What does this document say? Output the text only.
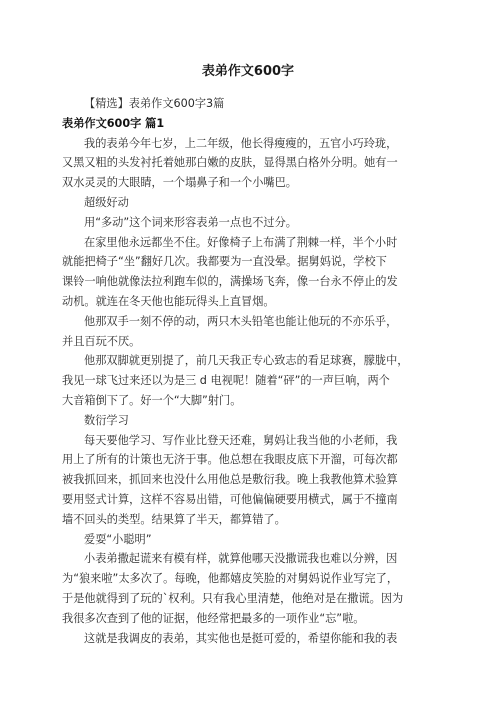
表弟作文600字
【精选】表弟作文600字3篇
表弟作文600字 篇1
我的表弟今年七岁，上二年级，他长得瘦瘦的，五官小巧玲珑，
又黑又粗的头发衬托着她那白嫩的皮肤，显得黑白格外分明。她有一
双水灵灵的大眼睛，一个塌鼻子和一个小嘴巴。
超级好动
用“多动”这个词来形容表弟一点也不过分。
在家里他永远都坐不住。好像椅子上布满了荆棘一样，半个小时
就能把椅子“坐”翻好几次。我都要为一直没晕。据舅妈说，学校下
课铃一响他就像法拉利跑车似的，满操场飞奔，像一台永不停止的发
动机。就连在冬天他也能玩得头上直冒烟。
他那双手一刻不停的动，两只木头铅笔也能让他玩的不亦乐乎，
并且百玩不厌。
他那双脚就更别提了，前几天我正专心致志的看足球赛，朦胧中，
我见一球飞过来还以为是三 d 电视呢！随着“砰”的一声巨响，两个
大音箱倒下了。好一个“大脚”射门。
数衍学习
每天要他学习、写作业比登天还难，舅妈让我当他的小老师，我
用上了所有的计策也无济于事。他总想在我眼皮底下开溜，可每次都
被我抓回来，抓回来也没什么用他总是敷衍我。晚上我教他算术验算
要用竖式计算，这样不容易出错，可他偏偏硬要用横式，属于不撞南
墙不回头的类型。结果算了半天，都算错了。
爱耍“小聪明”
小表弟撒起谎来有模有样，就算他哪天没撒谎我也难以分辨，因
为“狼来啦”太多次了。每晚，他都嬉皮笑脸的对舅妈说作业写完了，
于是他就得到了玩的`权利。只有我心里清楚，他绝对是在撒谎。因为
我很多次查到了他的证据，他经常把最多的一项作业“忘”啦。
这就是我调皮的表弟，其实他也是挺可爱的，希望你能和我的表
